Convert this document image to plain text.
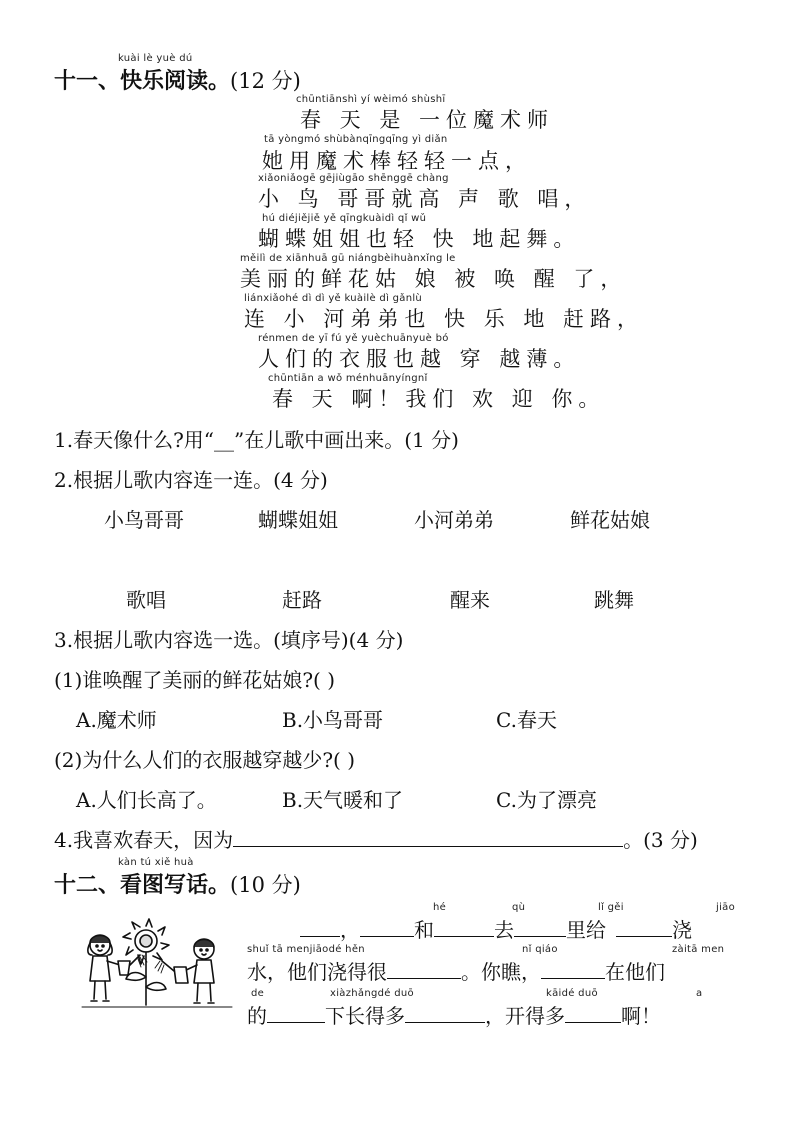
kuài lè yuè dú
十一、快乐阅读。(12 分)
chūntiānshì yí wèimó shùshī
春 天 是 一位魔术师
tā yòngmó shùbànqīngqīng yì diǎn
她用魔术棒轻轻一点，
xiǎoniǎogē gējiùgāo shēnggē chàng
小 鸟 哥哥就高 声 歌 唱，
hú diéjiějiě yě qīngkuàidì qǐ wǔ
蝴蝶姐姐也轻 快 地起舞。
měilì de xiānhuā gū niángbèihuànxǐng le
美丽的鲜花姑 娘 被 唤 醒 了，
liánxiǎohé dì dì yě kuàilè dì gǎnlù
连 小 河弟弟也 快 乐 地 赶路，
rénmen de yī fú yě yuèchuānyuè bó
人们的衣服也越 穿 越薄。
chūntiān a wǒ ménhuānyíngnǐ
春 天 啊！我们 欢 迎 你。
1.春天像什么?用“__”在儿歌中画出来。(1 分)
2.根据儿歌内容连一连。(4 分)
小鸟哥哥	蝴蝶姐姐	小河弟弟	鲜花姑娘
歌唱	赶路	醒来	跳舞
3.根据儿歌内容选一选。(填序号)(4 分)
(1)谁唤醒了美丽的鲜花姑娘?( )
A.魔术师	B.小鸟哥哥	C.春天
(2)为什么人们的衣服越穿越少?( )
A.人们长高了。	B.天气暖和了	C.为了漂亮
4.我喜欢春天，因为	。(3 分)
kàn tú xiě huà
十二、看图写话。(10 分)
hé	qù	lǐ gěi	jiāo
，	和	去	里给	浇
shuǐ tā menjiāodé hěn	nǐ qiáo	zàitā men
水，他们浇得很	。你瞧，	在他们
de	xiàzhǎngdé duō	kāidé duō	a
的	下长得多	，开得多	啊！
